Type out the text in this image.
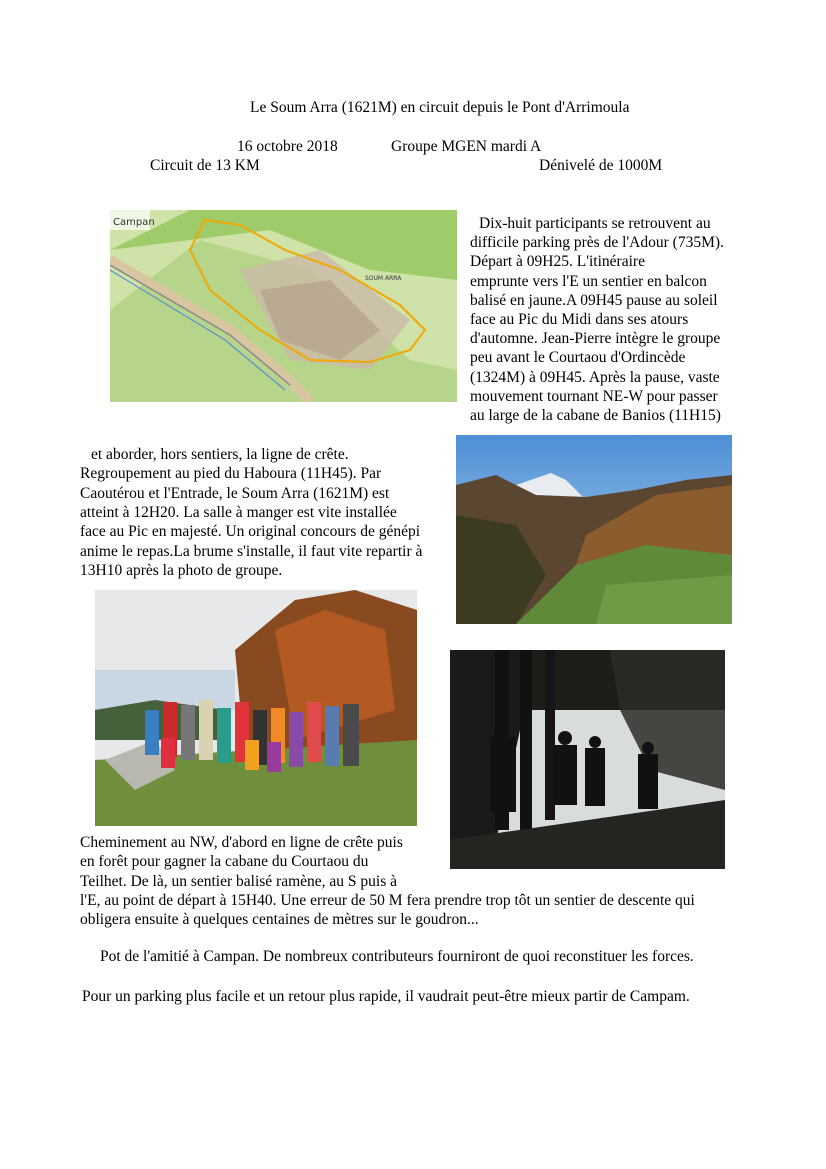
Le Soum Arra (1621M) en circuit depuis le Pont d'Arrimoula
16 octobre 2018	Groupe MGEN mardi A
Circuit de 13 KM	Dénivelé de 1000M
Campan
SOUM ARRA
Dix-huit participants se retrouvent au
difficile parking près de l'Adour (735M).
Départ à 09H25. L'itinéraire
emprunte vers l'E un sentier en balcon
balisé en jaune.A 09H45 pause au soleil
face au Pic du Midi dans ses atours
d'automne. Jean-Pierre intègre le groupe
peu avant le Courtaou d'Ordincède
(1324M) à 09H45. Après la pause, vaste
mouvement tournant NE-W pour passer
au large de la cabane de Banios (11H15)
et aborder, hors sentiers, la ligne de crête.
Regroupement au pied du Haboura (11H45). Par
Caoutérou et l'Entrade, le Soum Arra (1621M) est
atteint à 12H20. La salle à manger est vite installée
face au Pic en majesté. Un original concours de génépi
anime le repas.La brume s'installe, il faut vite repartir à
13H10 après la photo de groupe.
Cheminement au NW, d'abord en ligne de crête puis
en forêt pour gagner la cabane du Courtaou du
Teilhet. De là, un sentier balisé ramène, au S puis à
l'E, au point de départ à 15H40. Une erreur de 50 M fera prendre trop tôt un sentier de descente qui
obligera ensuite à quelques centaines de mètres sur le goudron...
Pot de l'amitié à Campan. De nombreux contributeurs fourniront de quoi reconstituer les forces.
Pour un parking plus facile et un retour plus rapide, il vaudrait peut-être mieux partir de Campam.
